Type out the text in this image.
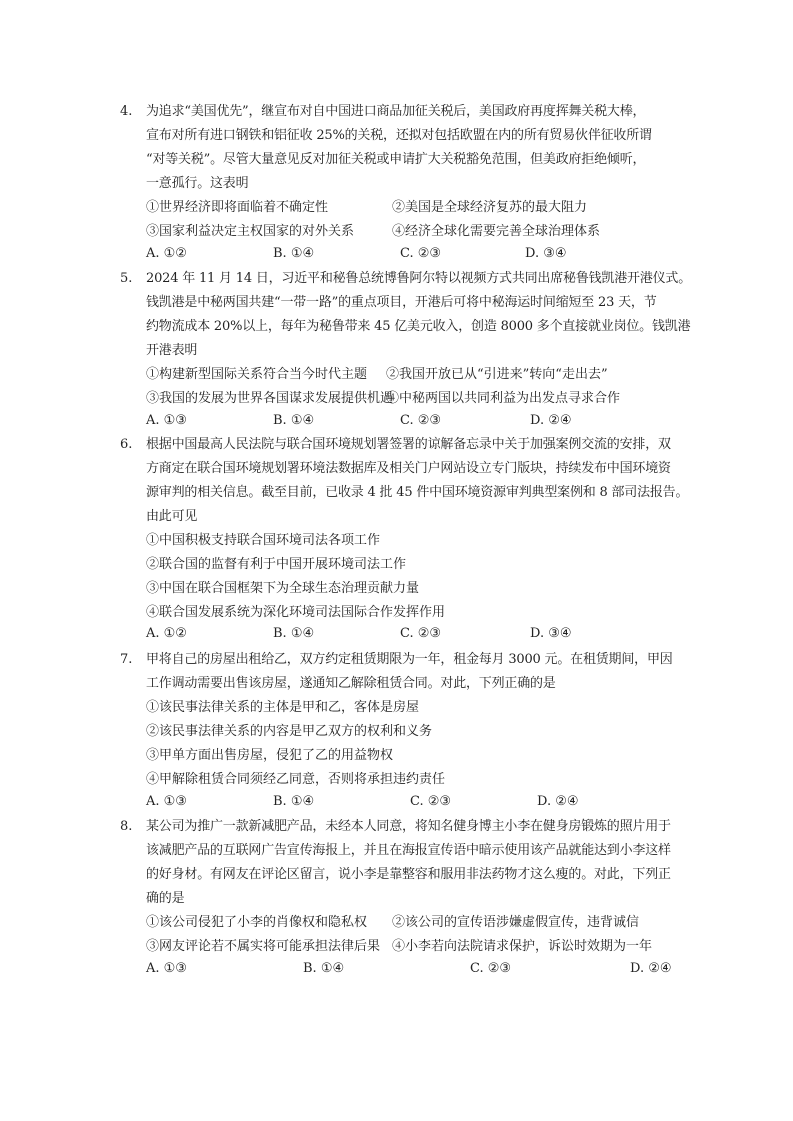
4. 为追求“美国优先”，继宣布对自中国进口商品加征关税后，美国政府再度挥舞关税大棒，
宣布对所有进口钢铁和铝征收 25%的关税，还拟对包括欧盟在内的所有贸易伙伴征收所谓
“对等关税”。尽管大量意见反对加征关税或申请扩大关税豁免范围，但美政府拒绝倾听，
一意孤行。这表明
①世界经济即将面临着不确定性	②美国是全球经济复苏的最大阻力
③国家利益决定主权国家的对外关系	④经济全球化需要完善全球治理体系
A. ①②	B. ①④	C. ②③	D. ③④
5. 2024 年 11 月 14 日，习近平和秘鲁总统博鲁阿尔特以视频方式共同出席秘鲁钱凯港开港仪式。
钱凯港是中秘两国共建“一带一路”的重点项目，开港后可将中秘海运时间缩短至 23 天，节
约物流成本 20%以上，每年为秘鲁带来 45 亿美元收入，创造 8000 多个直接就业岗位。钱凯港
开港表明
①构建新型国际关系符合当今时代主题 ②我国开放已从“引进来”转向“走出去”
③我国的发展为世界各国谋求发展提供机遇
④中秘两国以共同利益为出发点寻求合作
A. ①③	B. ①④	C. ②③	D. ②④
6. 根据中国最高人民法院与联合国环境规划署签署的谅解备忘录中关于加强案例交流的安排，双
方商定在联合国环境规划署环境法数据库及相关门户网站设立专门版块，持续发布中国环境资
源审判的相关信息。截至目前，已收录 4 批 45 件中国环境资源审判典型案例和 8 部司法报告。
由此可见
①中国积极支持联合国环境司法各项工作
②联合国的监督有利于中国开展环境司法工作
③中国在联合国框架下为全球生态治理贡献力量
④联合国发展系统为深化环境司法国际合作发挥作用
A. ①②	B. ①④	C. ②③	D. ③④
7. 甲将自己的房屋出租给乙，双方约定租赁期限为一年，租金每月 3000 元。在租赁期间，甲因
工作调动需要出售该房屋，遂通知乙解除租赁合同。对此，下列正确的是
①该民事法律关系的主体是甲和乙，客体是房屋
②该民事法律关系的内容是甲乙双方的权利和义务
③甲单方面出售房屋，侵犯了乙的用益物权
④甲解除租赁合同须经乙同意，否则将承担违约责任
A. ①③	B. ①④	C. ②③	D. ②④
8. 某公司为推广一款新减肥产品，未经本人同意，将知名健身博主小李在健身房锻炼的照片用于
该减肥产品的互联网广告宣传海报上，并且在海报宣传语中暗示使用该产品就能达到小李这样
的好身材。有网友在评论区留言，说小李是靠整容和服用非法药物才这么瘦的。对此，下列正
确的是
①该公司侵犯了小李的肖像权和隐私权 ②该公司的宣传语涉嫌虚假宣传，违背诚信
③网友评论若不属实将可能承担法律后果 ④小李若向法院请求保护，诉讼时效期为一年
A. ①③	B. ①④	C. ②③	D. ②④
